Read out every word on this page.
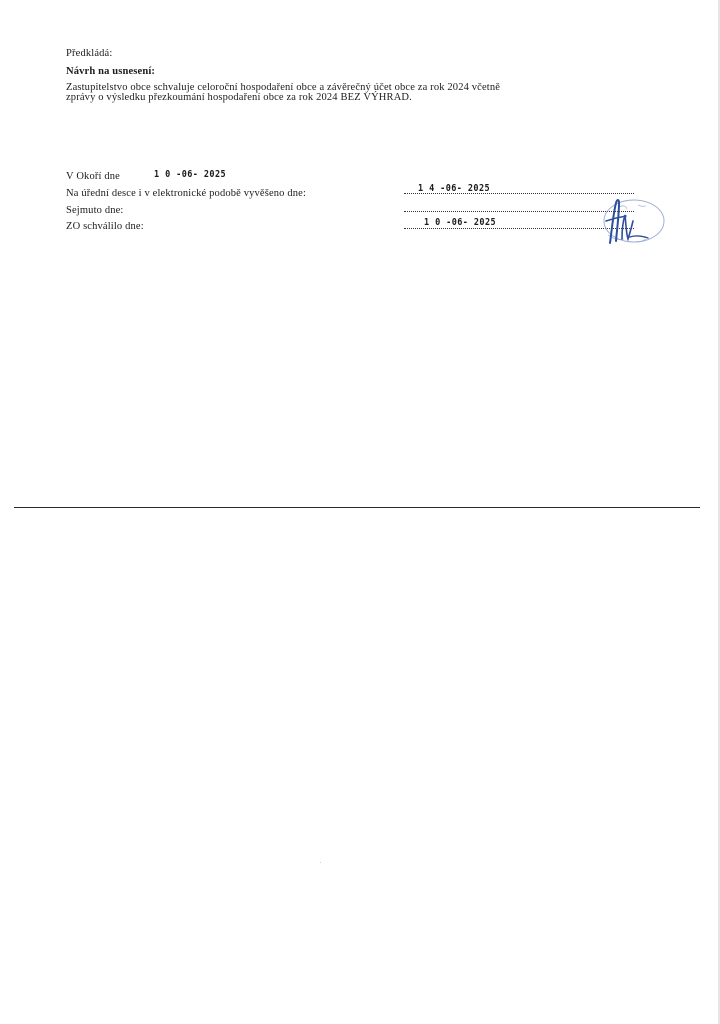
Předkládá:
Návrh na usnesení:
Zastupitelstvo obce schvaluje celoroční hospodaření obce a závěrečný účet obce za rok 2024 včetně
zprávy o výsledku přezkoumání hospodaření obce za rok 2024 BEZ VÝHRAD.
V Okoří dne	1 0 -06- 2025
Na úřední desce i v elektronické podobě vyvěšeno dne:	1 4 -06- 2025
Sejmuto dne:
ZO schválilo dne:	1 0 -06- 2025
